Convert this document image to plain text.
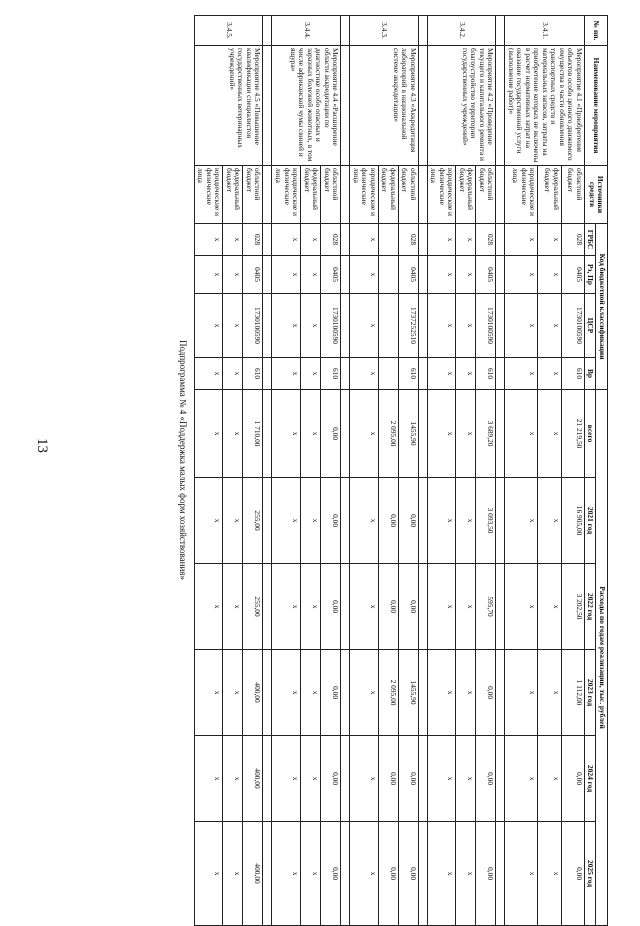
13
№ пп.	Наименование мероприятия	Источники средств	Код бюджетной классификации				Расходы по годам реализации, тыс. рублей					
			ГРБС	Рз, Пр	ЦСР	Вр	всего	2021 год	2022 год	2023 год	2024 год	2025 год
3.4.1.	Мероприятие 4.1 «Приобретение объектов особо ценного движимого имущества в части обновления транспортных средств и материальных запасов, затраты на приобретение которых не включены в расчет нормативных затрат на оказание государственной услуги (выполнение работ)»	областной бюджет	028	0405	1730100590	610	21 219,50	16 905,00	3 202,50	1 112,00	0,00	0,00
		федеральный бюджет	х	х	х	х	х	х	х	х	х	х
		юридические и физические лица	х	х	х	х	х	х	х	х	х	х

3.4.2.	Мероприятие 4.2 «Проведение текущего и капитального ремонта и благоустройство территории государственных учреждений»	областной бюджет	028	0405	1730100590	610	3 689,20	3 093,50	595,70	0,00	0,00	0,00
		федеральный бюджет	х	х	х	х	х	х	х	х	х	х
		юридические и физические лица	х	х	х	х	х	х	х	х	х	х

3.4.3.	Мероприятие 4.3 «Аккредитация лабораторий в национальной системе аккредитации»	областной бюджет	028	0405	1737252510	610	1455,90	0,00	0,00	1455,90	0,00	0,00
		федеральный бюджет					2 095,00	0,00	0,00	2 095,00	0,00	0,00
		юридические и физические лица	х	х	х	х	х	х	х	х	х	х

3.4.4.	Мероприятие 4.4 «Расширение области аккредитации по диагностике особо опасных и заразных болезней животных, в том числе африканской чумы свиней и ящура»	областной бюджет	028	0405	1730100590	610	0,00	0,00	0,00	0,00	0,00	0,00
		федеральный бюджет	х	х	х	х	х	х	х	х	х	х
		юридические и физические лица	х	х	х	х	х	х	х	х	х	х

3.4.5.	Мероприятие 4.5 «Повышение квалификации специалистов государственных ветеринарных учреждений»	областной бюджет	028	0405	1730100590	610	1 710,00	255,00	255,00	400,00	400,00	400,00
		федеральный бюджет	х	х	х	х	х	х	х	х	х	х
		юридические и физические лица	х	х	х	х	х	х	х	х	х	х
Подпрограмма № 4 «Поддержка малых форм хозяйствования»
